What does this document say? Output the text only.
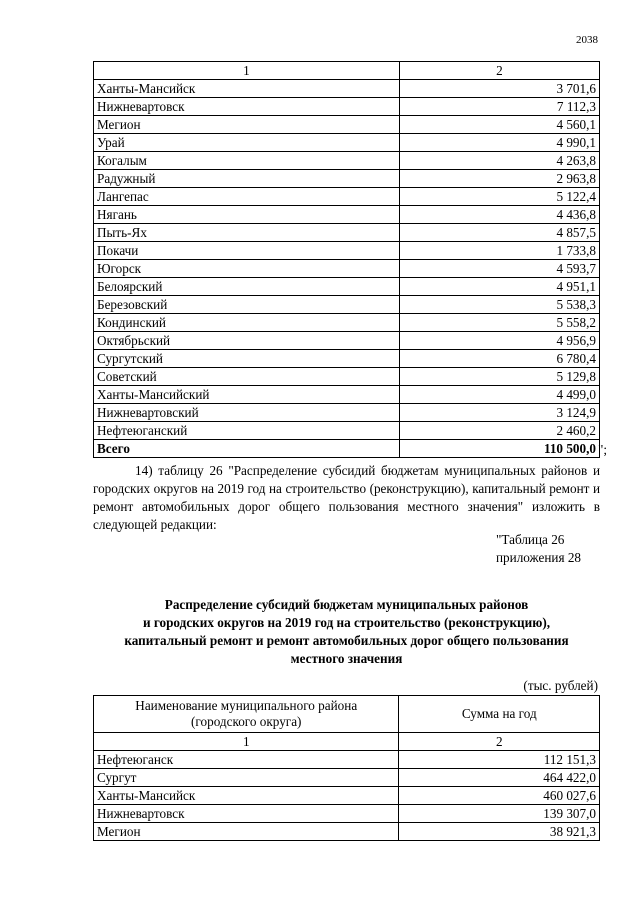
2038
1	2
Ханты-Мансийск	3 701,6
Нижневартовск	7 112,3
Мегион	4 560,1
Урай	4 990,1
Когалым	4 263,8
Радужный	2 963,8
Лангепас	5 122,4
Нягань	4 436,8
Пыть-Ях	4 857,5
Покачи	1 733,8
Югорск	4 593,7
Белоярский	4 951,1
Березовский	5 538,3
Кондинский	5 558,2
Октябрьский	4 956,9
Сургутский	6 780,4
Советский	5 129,8
Ханты-Мансийский	4 499,0
Нижневартовский	3 124,9
Нефтеюганский	2 460,2
Всего	110 500,0 ";

14) таблицу 26 "Распределение субсидий бюджетам муниципальных районов и городских округов на 2019 год на строительство (реконструкцию), капитальный ремонт и ремонт автомобильных дорог общего пользования местного значения" изложить в следующей редакции:

"Таблица 26
приложения 28
Распределение субсидий бюджетам муниципальных районов
и городских округов на 2019 год на строительство (реконструкцию),
капитальный ремонт и ремонт автомобильных дорог общего пользования
местного значения
(тыс. рублей)
Наименование муниципального района
(городского округа)	Сумма на год
1	2
Нефтеюганск	112 151,3
Сургут	464 422,0
Ханты-Мансийск	460 027,6
Нижневартовск	139 307,0
Мегион	38 921,3
